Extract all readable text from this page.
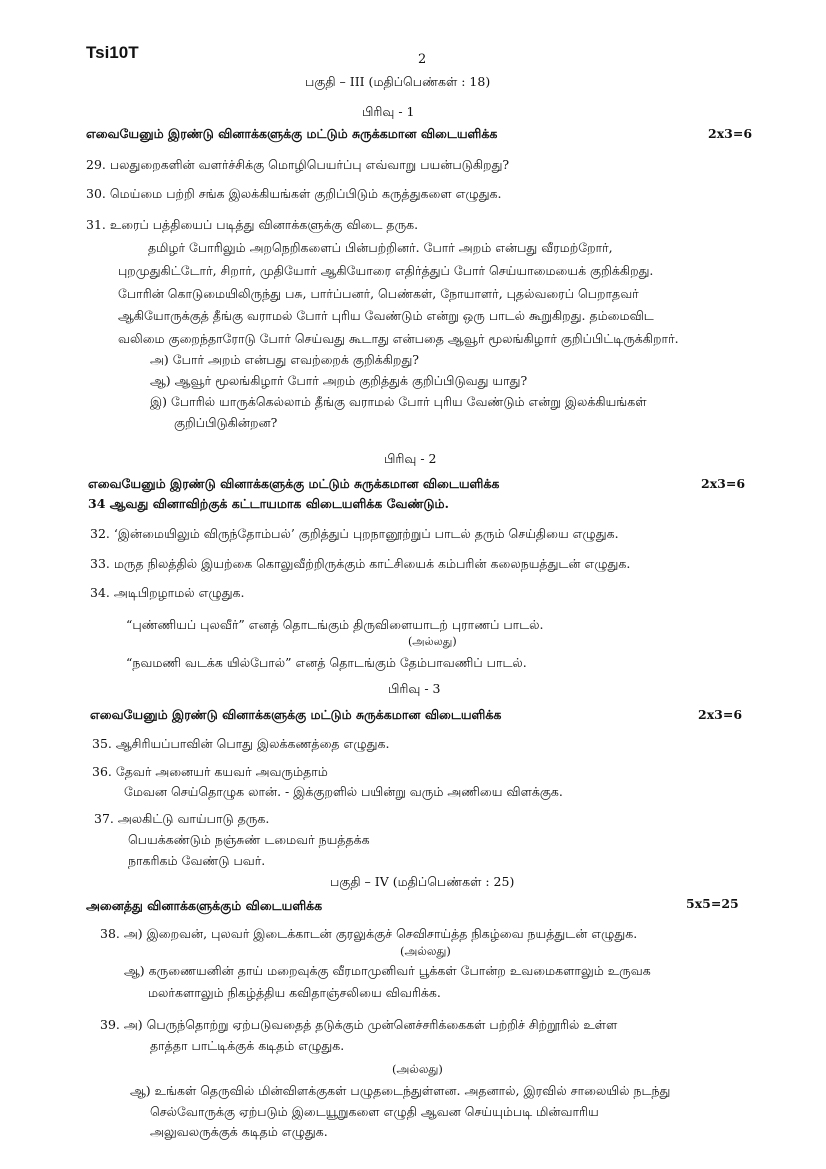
Tsi10T	2
பகுதி – III (மதிப்பெண்கள் : 18)
பிரிவு - 1
எவையேனும் இரண்டு வினாக்களுக்கு மட்டும் சுருக்கமான விடையளிக்க	2x3=6
29. பலதுறைகளின் வளர்ச்சிக்கு மொழிபெயர்ப்பு எவ்வாறு பயன்படுகிறது?
30. மெய்மை பற்றி சங்க இலக்கியங்கள் குறிப்பிடும் கருத்துகளை எழுதுக.
31. உரைப் பத்தியைப் படித்து வினாக்களுக்கு விடை தருக.
தமிழர் போரிலும் அறநெறிகளைப் பின்பற்றினர். போர் அறம் என்பது வீரமற்றோர்,
புறமுதுகிட்டோர், சிறார், முதியோர் ஆகியோரை எதிர்த்துப் போர் செய்யாமையைக் குறிக்கிறது.
போரின் கொடுமையிலிருந்து பசு, பார்ப்பனர், பெண்கள், நோயாளர், புதல்வரைப் பெறாதவர்
ஆகியோருக்குத் தீங்கு வராமல் போர் புரிய வேண்டும் என்று ஒரு பாடல் கூறுகிறது. தம்மைவிட
வலிமை குறைந்தாரோடு போர் செய்வது கூடாது என்பதை ஆவூர் மூலங்கிழார் குறிப்பிட்டிருக்கிறார்.
அ) போர் அறம் என்பது எவற்றைக் குறிக்கிறது?
ஆ) ஆவூர் மூலங்கிழார் போர் அறம் குறித்துக் குறிப்பிடுவது யாது?
இ) போரில் யாருக்கெல்லாம் தீங்கு வராமல் போர் புரிய வேண்டும் என்று இலக்கியங்கள்
குறிப்பிடுகின்றன?
பிரிவு - 2
எவையேனும் இரண்டு வினாக்களுக்கு மட்டும் சுருக்கமான விடையளிக்க	2x3=6
34 ஆவது வினாவிற்குக் கட்டாயமாக விடையளிக்க வேண்டும்.
32. ‘இன்மையிலும் விருந்தோம்பல்’ குறித்துப் புறநானூற்றுப் பாடல் தரும் செய்தியை எழுதுக.
33. மருத நிலத்தில் இயற்கை கொலுவீற்றிருக்கும் காட்சியைக் கம்பரின் கலைநயத்துடன் எழுதுக.
34. அடிபிறழாமல் எழுதுக.
“புண்ணியப் புலவீர்” எனத் தொடங்கும் திருவிளையாடற் புராணப் பாடல்.
(அல்லது)
“நவமணி வடக்க யில்போல்” எனத் தொடங்கும் தேம்பாவணிப் பாடல்.
பிரிவு - 3
எவையேனும் இரண்டு வினாக்களுக்கு மட்டும் சுருக்கமான விடையளிக்க	2x3=6
35. ஆசிரியப்பாவின் பொது இலக்கணத்தை எழுதுக.
36. தேவர் அனையர் கயவர் அவரும்தாம்
மேவன செய்தொழுக லான். - இக்குறளில் பயின்று வரும் அணியை விளக்குக.
37. அலகிட்டு வாய்பாடு தருக.
பெயக்கண்டும் நஞ்சுண் டமைவர் நயத்தக்க
நாகரிகம் வேண்டு பவர்.
பகுதி – IV (மதிப்பெண்கள் : 25)
அனைத்து வினாக்களுக்கும் விடையளிக்க	5x5=25
38. அ) இறைவன், புலவர் இடைக்காடன் குரலுக்குச் செவிசாய்த்த நிகழ்வை நயத்துடன் எழுதுக.
(அல்லது)
ஆ) கருணையனின் தாய் மறைவுக்கு வீரமாமுனிவர் பூக்கள் போன்ற உவமைகளாலும் உருவக
மலர்களாலும் நிகழ்த்திய கவிதாஞ்சலியை விவரிக்க.
39. அ) பெருந்தொற்று ஏற்படுவதைத் தடுக்கும் முன்னெச்சரிக்கைகள் பற்றிச் சிற்றூரில் உள்ள
தாத்தா பாட்டிக்குக் கடிதம் எழுதுக.
(அல்லது)
ஆ) உங்கள் தெருவில் மின்விளக்குகள் பழுதடைந்துள்ளன. அதனால், இரவில் சாலையில் நடந்து
செல்வோருக்கு ஏற்படும் இடையூறுகளை எழுதி ஆவன செய்யும்படி மின்வாரிய
அலுவலருக்குக் கடிதம் எழுதுக.
